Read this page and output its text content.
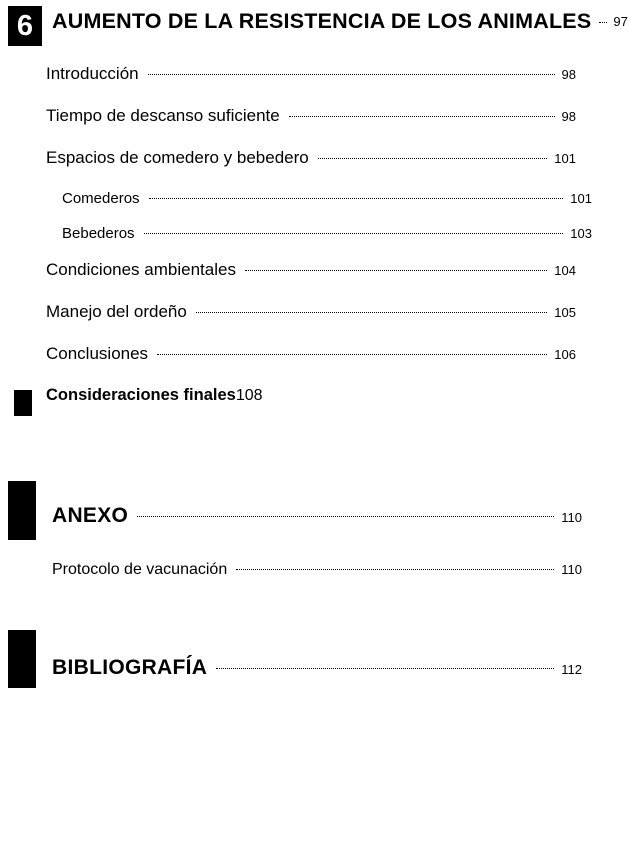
6 AUMENTO DE LA RESISTENCIA DE LOS ANIMALES 97
Introducción	98
Tiempo de descanso suficiente	98
Espacios de comedero y bebedero	101
Comederos	101
Bebederos	103
Condiciones ambientales	104
Manejo del ordeño	105
Conclusiones	106
Consideraciones finales 108
ANEXO	110
Protocolo de vacunación	110
BIBLIOGRAFÍA	112
